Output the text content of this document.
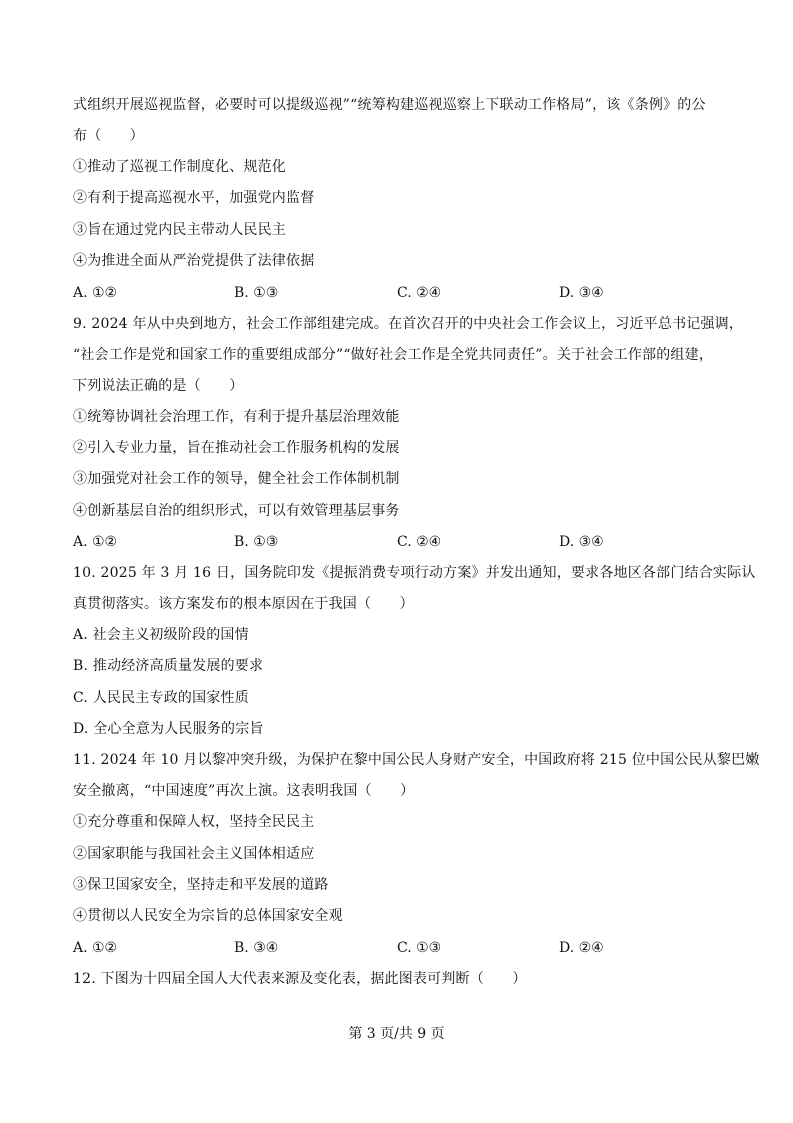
式组织开展巡视监督，必要时可以提级巡视”“统筹构建巡视巡察上下联动工作格局”，该《条例》的公
布（　　）
①推动了巡视工作制度化、规范化
②有利于提高巡视水平，加强党内监督
③旨在通过党内民主带动人民民主
④为推进全面从严治党提供了法律依据
A. ①②	B. ①③	C. ②④	D. ③④
9. 2024 年从中央到地方，社会工作部组建完成。在首次召开的中央社会工作会议上，习近平总书记强调，
“社会工作是党和国家工作的重要组成部分”“做好社会工作是全党共同责任”。关于社会工作部的组建，
下列说法正确的是（　　）
①统筹协调社会治理工作，有利于提升基层治理效能
②引入专业力量，旨在推动社会工作服务机构的发展
③加强党对社会工作的领导，健全社会工作体制机制
④创新基层自治的组织形式，可以有效管理基层事务
A. ①②	B. ①③	C. ②④	D. ③④
10. 2025 年 3 月 16 日，国务院印发《提振消费专项行动方案》并发出通知，要求各地区各部门结合实际认
真贯彻落实。该方案发布的根本原因在于我国（　　）
A. 社会主义初级阶段的国情
B. 推动经济高质量发展的要求
C. 人民民主专政的国家性质
D. 全心全意为人民服务的宗旨
11. 2024 年 10 月以黎冲突升级，为保护在黎中国公民人身财产安全，中国政府将 215 位中国公民从黎巴嫩
安全撤离，“中国速度”再次上演。这表明我国（　　）
①充分尊重和保障人权，坚持全民民主
②国家职能与我国社会主义国体相适应
③保卫国家安全，坚持走和平发展的道路
④贯彻以人民安全为宗旨的总体国家安全观
A. ①②	B. ③④	C. ①③	D. ②④
12. 下图为十四届全国人大代表来源及变化表，据此图表可判断（　　）
第 3 页/共 9 页
